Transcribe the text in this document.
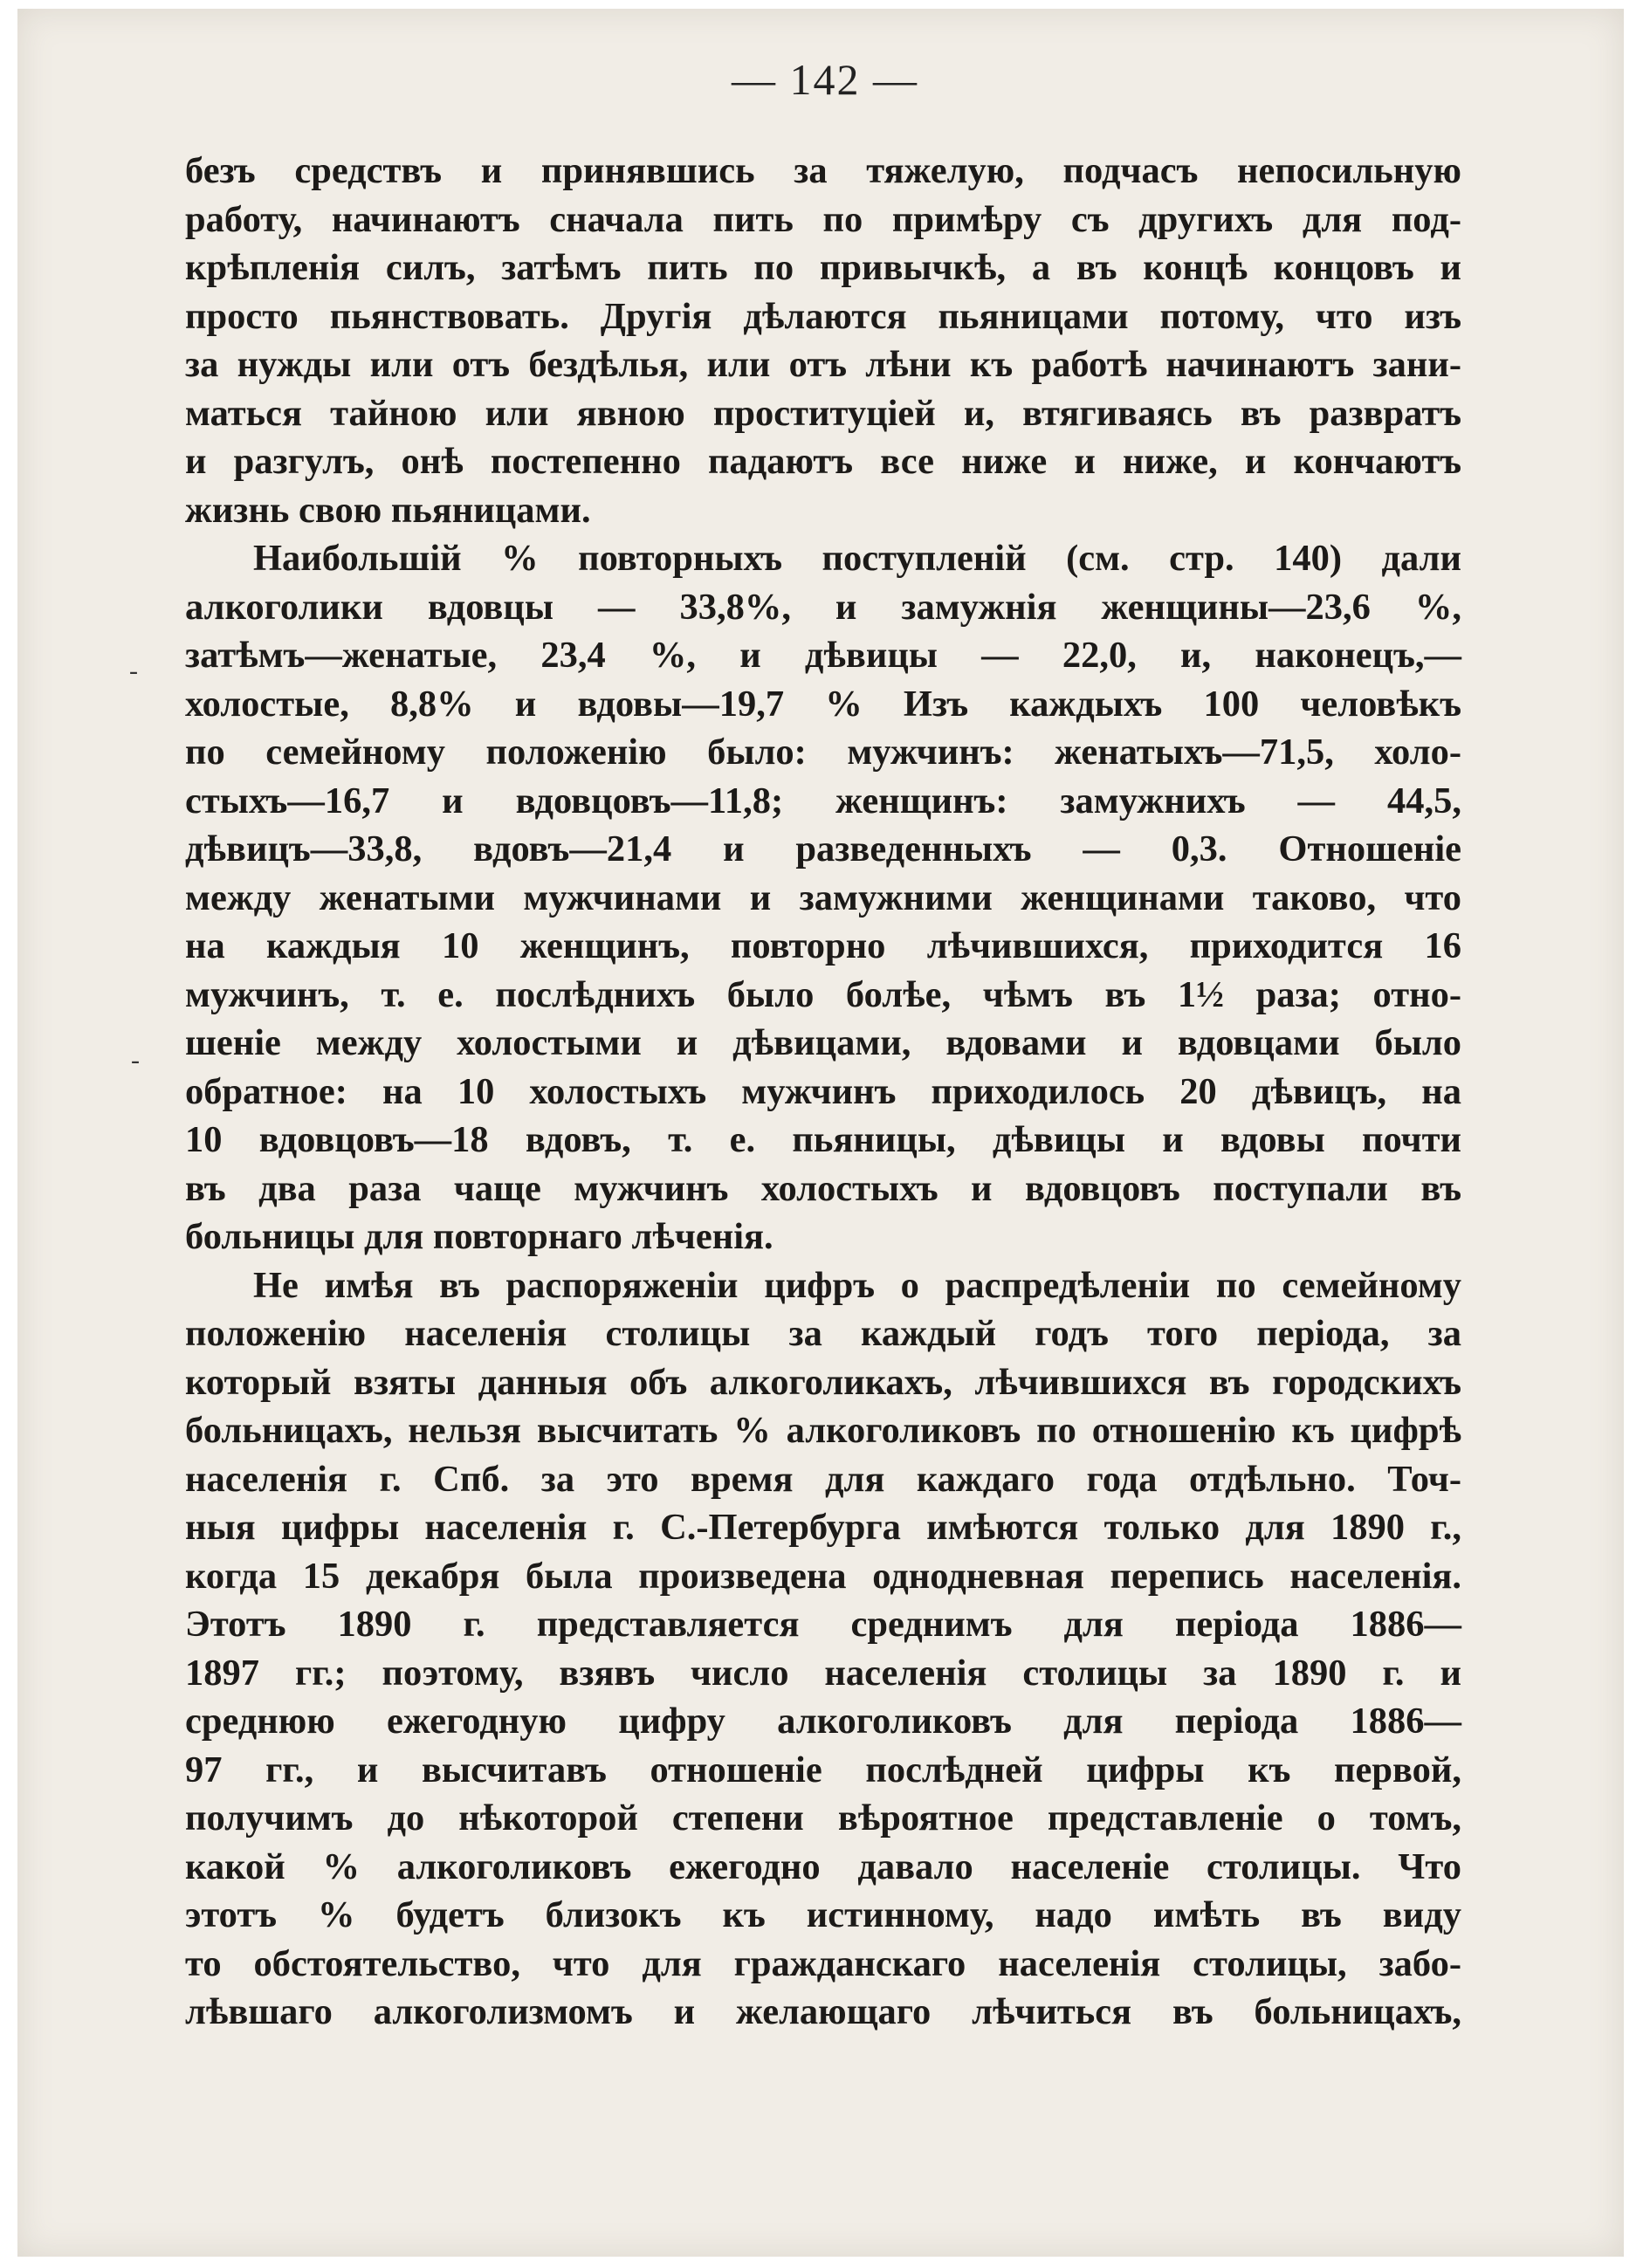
— 142 —
безъ средствъ и принявшись за тяжелую, подчасъ непосильную
работу, начинаютъ сначала пить по примѣру съ другихъ для под-
крѣпленія силъ, затѣмъ пить по привычкѣ, а въ концѣ концовъ и
просто пьянствовать. Другія дѣлаются пьяницами потому, что изъ
за нужды или отъ бездѣлья, или отъ лѣни къ работѣ начинаютъ зани-
маться тайною или явною проституціей и, втягиваясь въ развратъ
и разгулъ, онѣ постепенно падаютъ все ниже и ниже, и кончаютъ
жизнь свою пьяницами.
Наибольшій % повторныхъ поступленій (см. стр. 140) дали
алкоголики вдовцы — 33,8%, и замужнія женщины—23,6 %,
затѣмъ—женатые, 23,4 %, и дѣвицы — 22,0, и, наконецъ,—
холостые, 8,8% и вдовы—19,7 % Изъ каждыхъ 100 человѣкъ
по семейному положенію было: мужчинъ: женатыхъ—71,5, холо-
стыхъ—16,7 и вдовцовъ—11,8; женщинъ: замужнихъ — 44,5,
дѣвицъ—33,8, вдовъ—21,4 и разведенныхъ — 0,3. Отношеніе
между женатыми мужчинами и замужними женщинами таково, что
на каждыя 10 женщинъ, повторно лѣчившихся, приходится 16
мужчинъ, т. е. послѣднихъ было болѣе, чѣмъ въ 1½ раза; отно-
шеніе между холостыми и дѣвицами, вдовами и вдовцами было
обратное: на 10 холостыхъ мужчинъ приходилось 20 дѣвицъ, на
10 вдовцовъ—18 вдовъ, т. е. пьяницы, дѣвицы и вдовы почти
въ два раза чаще мужчинъ холостыхъ и вдовцовъ поступали въ
больницы для повторнаго лѣченія.
Не имѣя въ распоряженіи цифръ о распредѣленіи по семейному
положенію населенія столицы за каждый годъ того періода, за
который взяты данныя объ алкоголикахъ, лѣчившихся въ городскихъ
больницахъ, нельзя высчитать % алкоголиковъ по отношенію къ цифрѣ
населенія г. Спб. за это время для каждаго года отдѣльно. Точ-
ныя цифры населенія г. С.-Петербурга имѣются только для 1890 г.,
когда 15 декабря была произведена однодневная перепись населенія.
Этотъ 1890 г. представляется среднимъ для періода 1886—
1897 гг.; поэтому, взявъ число населенія столицы за 1890 г. и
среднюю ежегодную цифру алкоголиковъ для періода 1886—
97 гг., и высчитавъ отношеніе послѣдней цифры къ первой,
получимъ до нѣкоторой степени вѣроятное представленіе о томъ,
какой % алкоголиковъ ежегодно давало населеніе столицы. Что
этотъ % будетъ близокъ къ истинному, надо имѣть въ виду
то обстоятельство, что для гражданскаго населенія столицы, забо-
лѣвшаго алкоголизмомъ и желающаго лѣчиться въ больницахъ,
-
-
